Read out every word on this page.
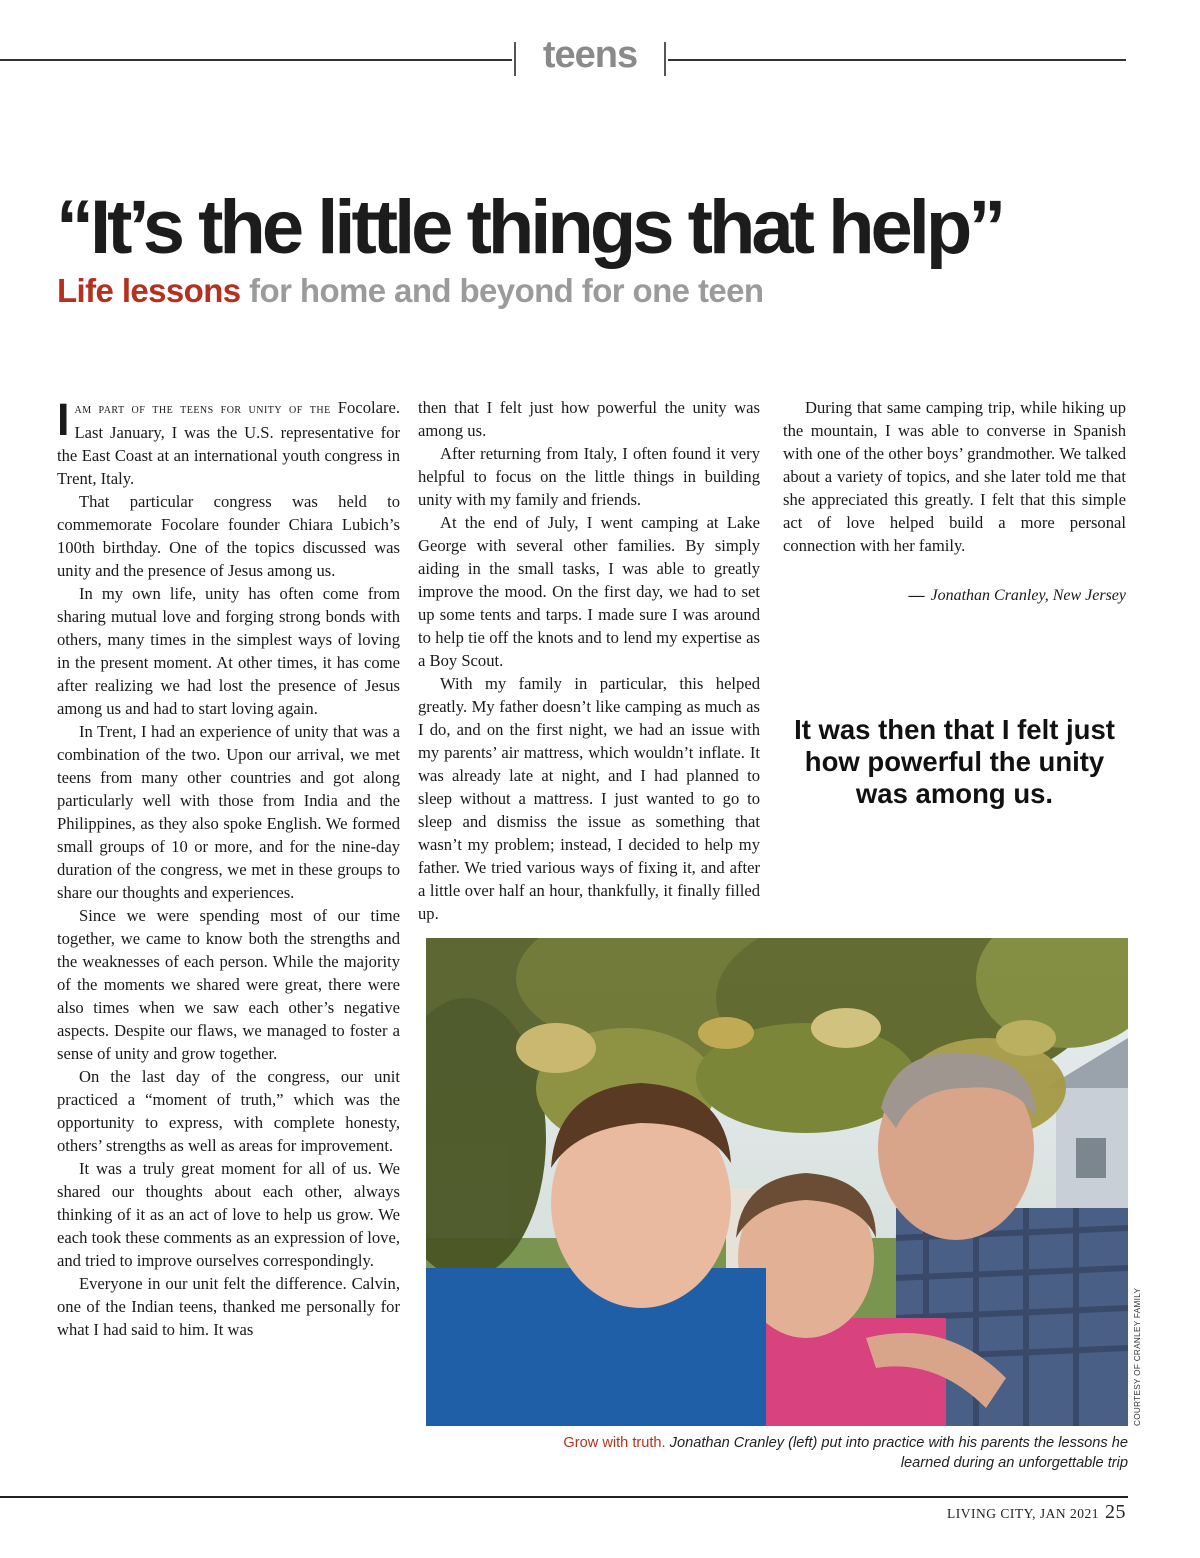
teens
“It’s the little things that help”
Life lessons for home and beyond for one teen

Iam part of the teens for unity of the Focolare. Last January, I was the U.S. representative for the East Coast at an international youth congress in Trent, Italy.

That particular congress was held to commemorate Focolare founder Chiara Lubich’s 100th birthday. One of the topics discussed was unity and the presence of Jesus among us.

In my own life, unity has often come from sharing mutual love and forging strong bonds with others, many times in the simplest ways of loving in the present moment. At other times, it has come after realizing we had lost the presence of Jesus among us and had to start loving again.

In Trent, I had an experience of unity that was a combination of the two. Upon our arrival, we met teens from many other countries and got along particularly well with those from India and the Philippines, as they also spoke English. We formed small groups of 10 or more, and for the nine-day duration of the congress, we met in these groups to share our thoughts and experiences.

Since we were spending most of our time together, we came to know both the strengths and the weaknesses of each person. While the majority of the moments we shared were great, there were also times when we saw each other’s negative aspects. Despite our flaws, we managed to foster a sense of unity and grow together.

On the last day of the congress, our unit practiced a “moment of truth,” which was the opportunity to express, with complete honesty, others’ strengths as well as areas for improvement.

It was a truly great moment for all of us. We shared our thoughts about each other, always thinking of it as an act of love to help us grow. We each took these comments as an expression of love, and tried to improve ourselves correspondingly.

Everyone in our unit felt the difference. Calvin, one of the Indian teens, thanked me personally for what I had said to him. It was

then that I felt just how powerful the unity was among us.

After returning from Italy, I often found it very helpful to focus on the little things in building unity with my family and friends.

At the end of July, I went camping at Lake George with several other families. By simply aiding in the small tasks, I was able to greatly improve the mood. On the first day, we had to set up some tents and tarps. I made sure I was around to help tie off the knots and to lend my expertise as a Boy Scout.

With my family in particular, this helped greatly. My father doesn’t like camping as much as I do, and on the first night, we had an issue with my parents’ air mattress, which wouldn’t inflate. It was already late at night, and I had planned to sleep without a mattress. I just wanted to go to sleep and dismiss the issue as something that wasn’t my problem; instead, I decided to help my father. We tried various ways of fixing it, and after a little over half an hour, thankfully, it finally filled up.

During that same camping trip, while hiking up the mountain, I was able to converse in Spanish with one of the other boys’ grandmother. We talked about a variety of topics, and she later told me that she appreciated this greatly. I felt that this simple act of love helped build a more personal connection with her family.

— Jonathan Cranley, New Jersey
It was then that I felt just how powerful the unity was among us.
COURTESY OF CRANLEY FAMILY
Grow with truth. Jonathan Cranley (left) put into practice with his parents the lessons he learned during an unforgettable trip
LIVING CITY, JAN 2021 25
